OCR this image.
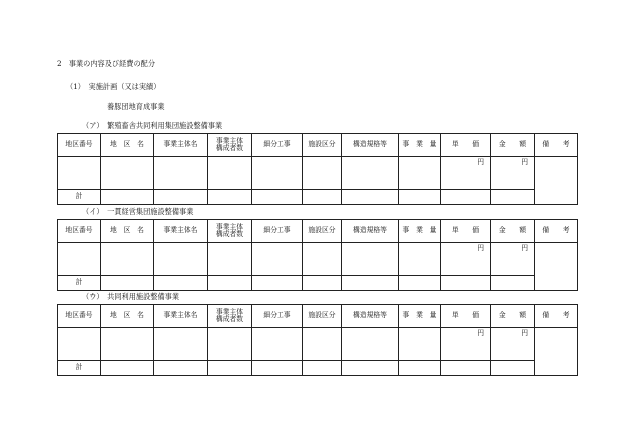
2　事業の内容及び経費の配分
（1）　実施計画（又は実績）
養豚団地育成事業
（ア）　繁殖畜舎共同利用集団施設整備事業
地区番号	地　区　名	事業主体名	事業主体
構成者数	細分工事	施設区分	構造規格等	事　業　量	単　　価	金　　額	備　　考
								円	円	
計										
（イ）　一貫経営集団施設整備事業
地区番号	地　区　名	事業主体名	事業主体
構成者数	細分工事	施設区分	構造規格等	事　業　量	単　　価	金　　額	備　　考
								円	円	
計										
（ウ）　共同利用施設整備事業
地区番号	地　区　名	事業主体名	事業主体
構成者数	細分工事	施設区分	構造規格等	事　業　量	単　　価	金　　額	備　　考
								円	円	
計										
